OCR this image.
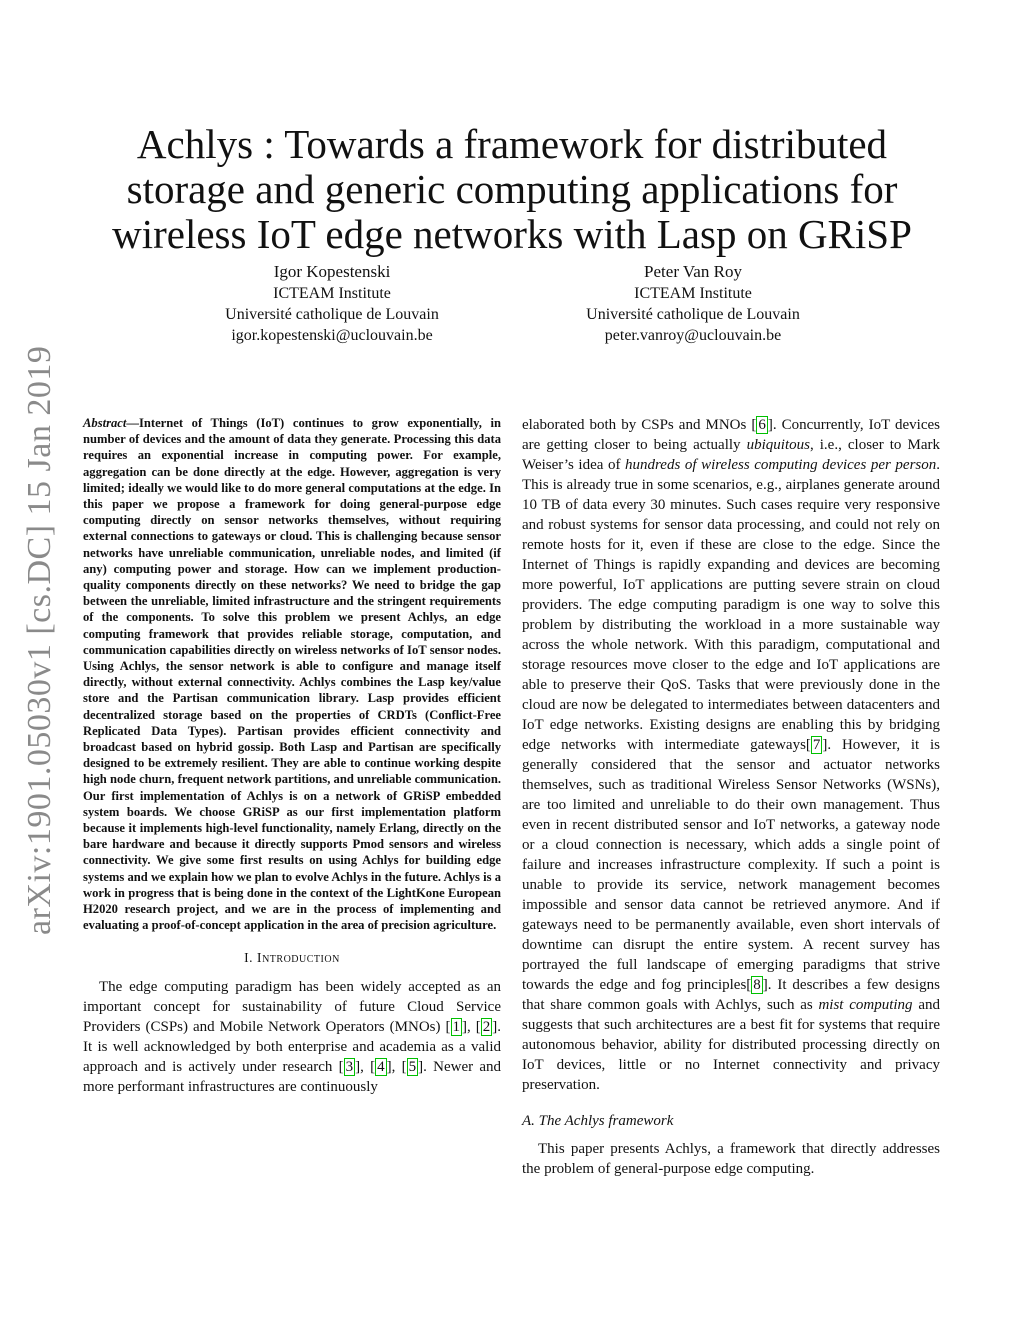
arXiv:1901.05030v1 [cs.DC] 15 Jan 2019
Achlys : Towards a framework for distributed
storage and generic computing applications for
wireless IoT edge networks with Lasp on GRiSP
Igor Kopestenski
ICTEAM Institute
Université catholique de Louvain
igor.kopestenski@uclouvain.be
Peter Van Roy
ICTEAM Institute
Université catholique de Louvain
peter.vanroy@uclouvain.be

Abstract—Internet of Things (IoT) continues to grow exponentially, in number of devices and the amount of data they generate. Processing this data requires an exponential increase in computing power. For example, aggregation can be done directly at the edge. However, aggregation is very limited; ideally we would like to do more general computations at the edge. In this paper we propose a framework for doing general-purpose edge computing directly on sensor networks themselves, without requiring external connections to gateways or cloud. This is challenging because sensor networks have unreliable communication, unreliable nodes, and limited (if any) computing power and storage. How can we implement production-quality components directly on these networks? We need to bridge the gap between the unreliable, limited infrastructure and the stringent requirements of the components. To solve this problem we present Achlys, an edge computing framework that provides reliable storage, computation, and communication capabilities directly on wireless networks of IoT sensor nodes. Using Achlys, the sensor network is able to configure and manage itself directly, without external connectivity. Achlys combines the Lasp key/value store and the Partisan communication library. Lasp provides efficient decentralized storage based on the properties of CRDTs (Conflict-Free Replicated Data Types). Partisan provides efficient connectivity and broadcast based on hybrid gossip. Both Lasp and Partisan are specifically designed to be extremely resilient. They are able to continue working despite high node churn, frequent network partitions, and unreliable communication. Our first implementation of Achlys is on a network of GRiSP embedded system boards. We choose GRiSP as our first implementation platform because it implements high-level functionality, namely Erlang, directly on the bare hardware and because it directly supports Pmod sensors and wireless connectivity. We give some first results on using Achlys for building edge systems and we explain how we plan to evolve Achlys in the future. Achlys is a work in progress that is being done in the context of the LightKone European H2020 research project, and we are in the process of implementing and evaluating a proof-of-concept application in the area of precision agriculture.

I. Introduction

The edge computing paradigm has been widely accepted as an important concept for sustainability of future Cloud Service Providers (CSPs) and Mobile Network Operators (MNOs) [ 1 ], [ 2 ]. It is well acknowledged by both enterprise and academia as a valid approach and is actively under research [ 3 ], [ 4 ], [ 5 ]. Newer and more performant infrastructures are continuously

elaborated both by CSPs and MNOs [ 6 ]. Concurrently, IoT devices are getting closer to being actually ubiquitous, i.e., closer to Mark Weiser’s idea of hundreds of wireless computing devices per person. This is already true in some scenarios, e.g., airplanes generate around 10 TB of data every 30 minutes. Such cases require very responsive and robust systems for sensor data processing, and could not rely on remote hosts for it, even if these are close to the edge. Since the Internet of Things is rapidly expanding and devices are becoming more powerful, IoT applications are putting severe strain on cloud providers. The edge computing paradigm is one way to solve this problem by distributing the workload in a more sustainable way across the whole network. With this paradigm, computational and storage resources move closer to the edge and IoT applications are able to preserve their QoS. Tasks that were previously done in the cloud are now be delegated to intermediates between datacenters and IoT edge networks. Existing designs are enabling this by bridging edge networks with intermediate gateways[ 7 ]. However, it is generally considered that the sensor and actuator networks themselves, such as traditional Wireless Sensor Networks (WSNs), are too limited and unreliable to do their own management. Thus even in recent distributed sensor and IoT networks, a gateway node or a cloud connection is necessary, which adds a single point of failure and increases infrastructure complexity. If such a point is unable to provide its service, network management becomes impossible and sensor data cannot be retrieved anymore. And if gateways need to be permanently available, even short intervals of downtime can disrupt the entire system. A recent survey has portrayed the full landscape of emerging paradigms that strive towards the edge and fog principles[ 8 ]. It describes a few designs that share common goals with Achlys, such as mist computing and suggests that such architectures are a best fit for systems that require autonomous behavior, ability for distributed processing directly on IoT devices, little or no Internet connectivity and privacy preservation.

A. The Achlys framework

This paper presents Achlys, a framework that directly addresses the problem of general-purpose edge computing.
